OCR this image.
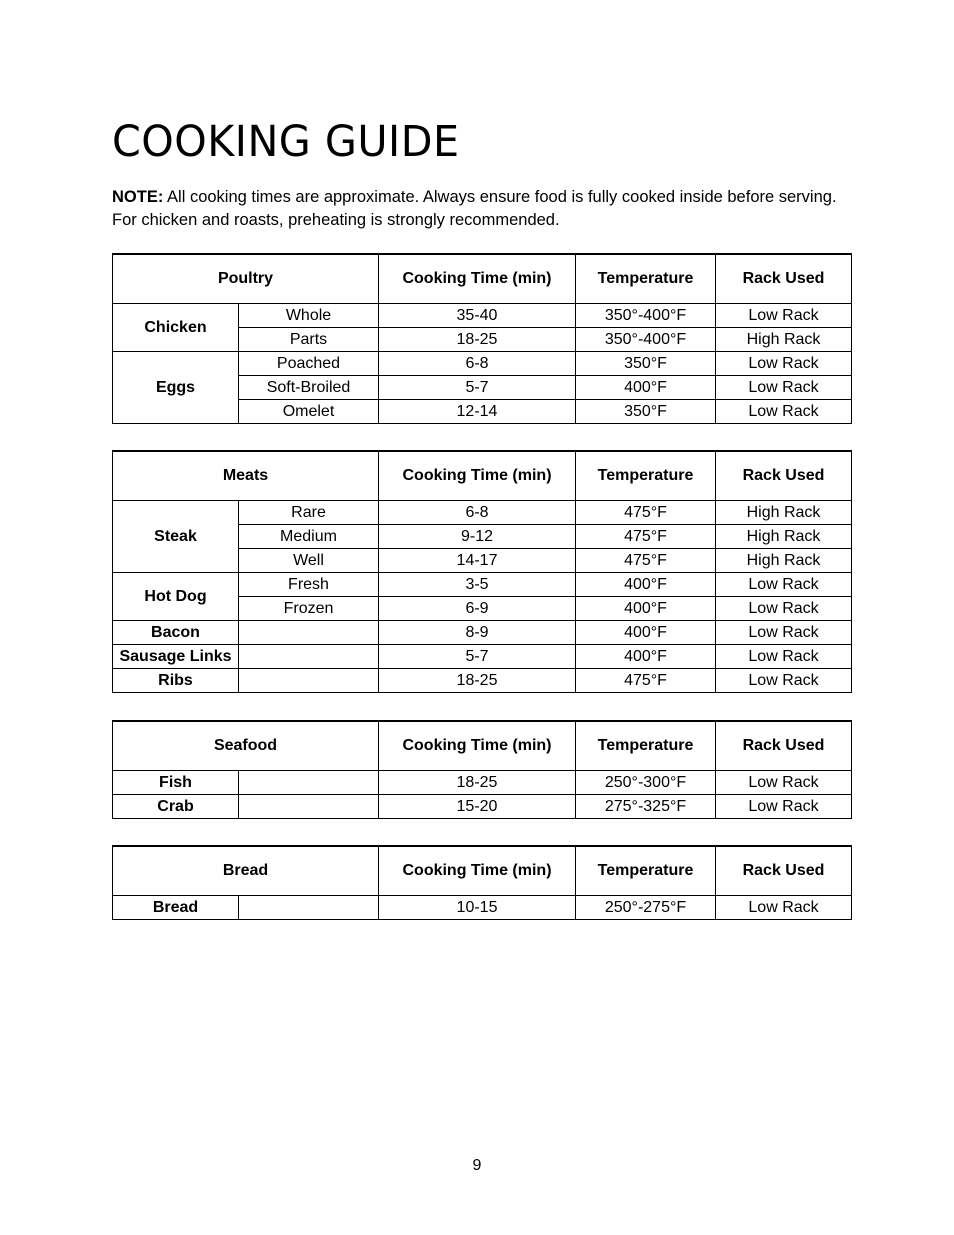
COOKING GUIDE
NOTE: All cooking times are approximate. Always ensure food is fully cooked inside before serving. For chicken and roasts, preheating is strongly recommended.
Poultry		Cooking Time (min)	Temperature	Rack Used
Chicken	Whole	35-40	350°-400°F	Low Rack
	Parts	18-25	350°-400°F	High Rack
Eggs	Poached	6-8	350°F	Low Rack
	Soft-Broiled	5-7	400°F	Low Rack
	Omelet	12-14	350°F	Low Rack
Meats		Cooking Time (min)	Temperature	Rack Used
Steak	Rare	6-8	475°F	High Rack
	Medium	9-12	475°F	High Rack
	Well	14-17	475°F	High Rack
Hot Dog	Fresh	3-5	400°F	Low Rack
	Frozen	6-9	400°F	Low Rack
Bacon		8-9	400°F	Low Rack
Sausage Links		5-7	400°F	Low Rack
Ribs		18-25	475°F	Low Rack
Seafood		Cooking Time (min)	Temperature	Rack Used
Fish		18-25	250°-300°F	Low Rack
Crab		15-20	275°-325°F	Low Rack
Bread		Cooking Time (min)	Temperature	Rack Used
Bread		10-15	250°-275°F	Low Rack
9
